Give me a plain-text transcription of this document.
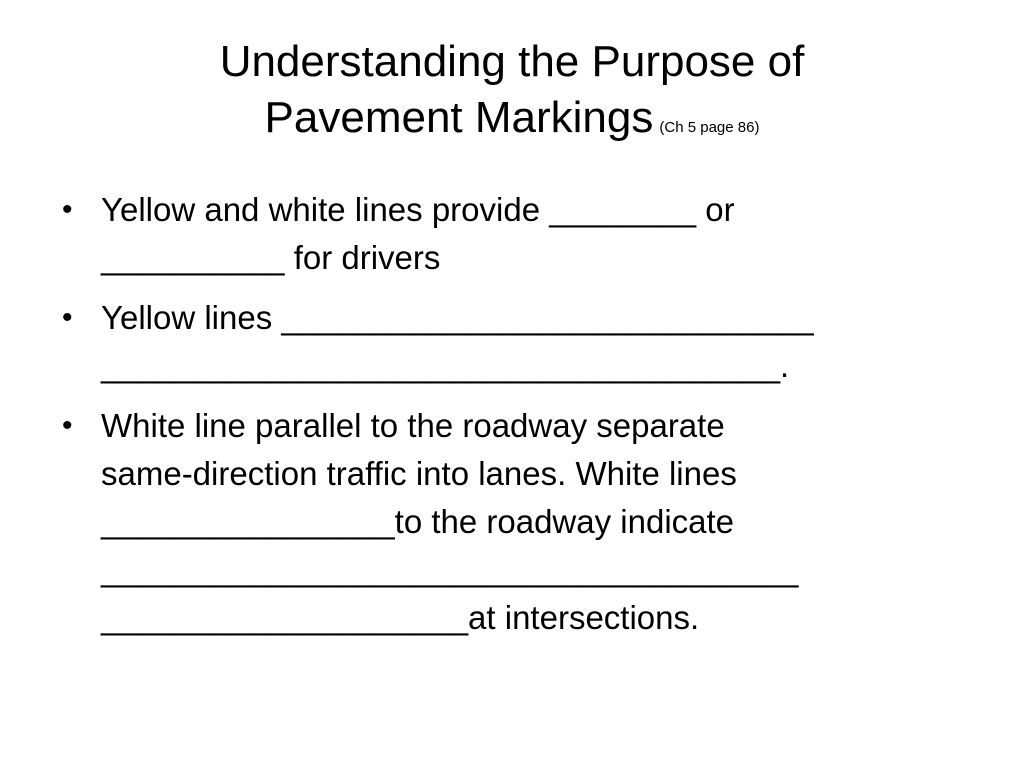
Understanding the Purpose of
Pavement Markings (Ch 5 page 86)
• Yellow and white lines provide ________ or
__________ for drivers
• Yellow lines _____________________________
_____________________________________.
• White line parallel to the roadway separate
same-direction traffic into lanes. White lines
________________to the roadway indicate
______________________________________
____________________at intersections.
